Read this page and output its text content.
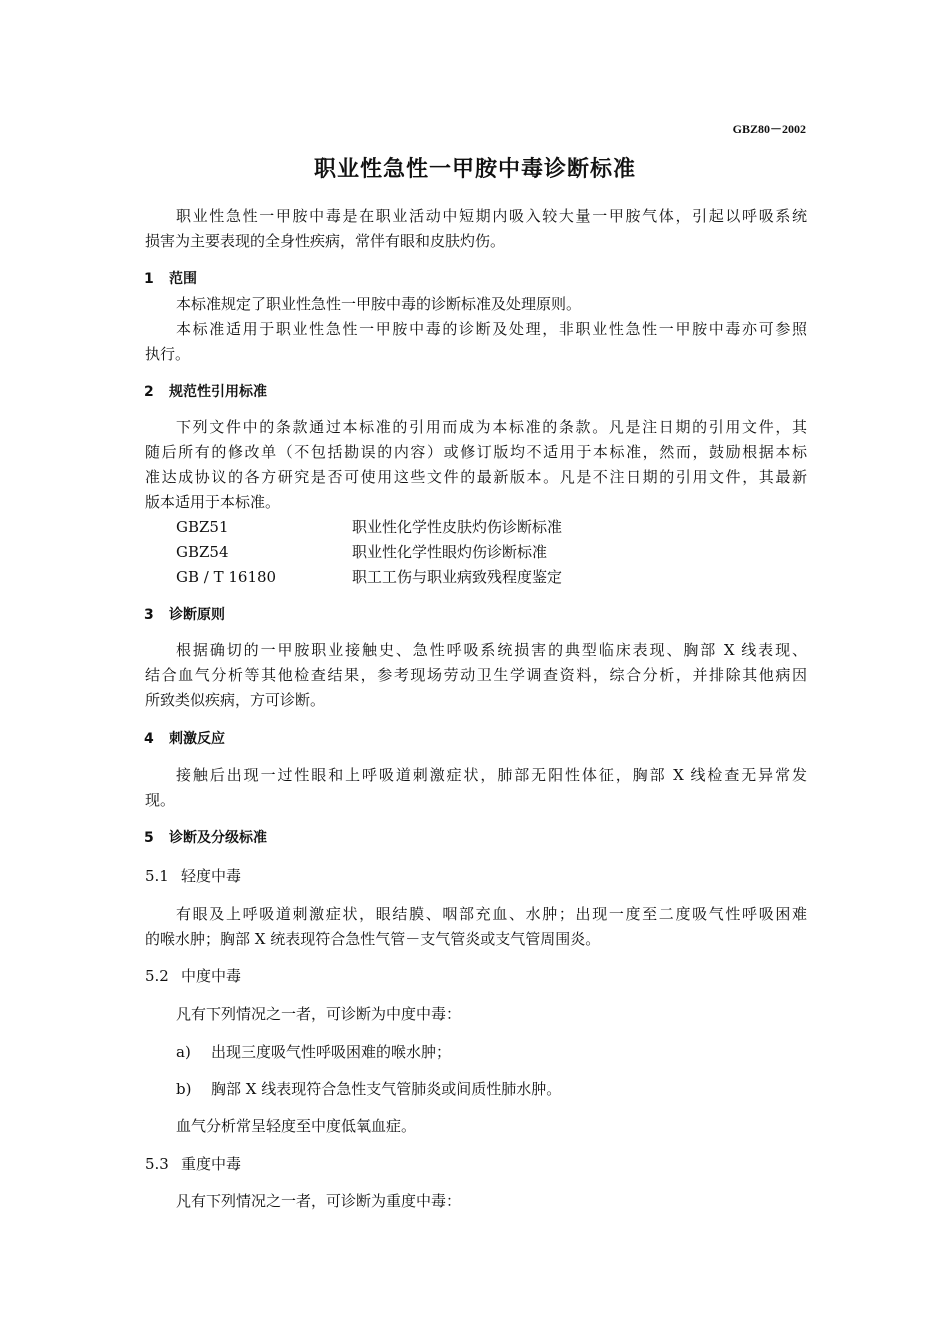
GBZ80－2002
职业性急性一甲胺中毒诊断标准
职业性急性一甲胺中毒是在职业活动中短期内吸入较大量一甲胺气体，引起以呼吸系统
损害为主要表现的全身性疾病，常伴有眼和皮肤灼伤。
1 范围
本标准规定了职业性急性一甲胺中毒的诊断标准及处理原则。
本标准适用于职业性急性一甲胺中毒的诊断及处理，非职业性急性一甲胺中毒亦可参照
执行。
2 规范性引用标准
下列文件中的条款通过本标准的引用而成为本标准的条款。凡是注日期的引用文件，其
随后所有的修改单（不包括勘误的内容）或修订版均不适用于本标准，然而，鼓励根据本标
准达成协议的各方研究是否可使用这些文件的最新版本。凡是不注日期的引用文件，其最新
版本适用于本标准。
GBZ51	职业性化学性皮肤灼伤诊断标准
GBZ54	职业性化学性眼灼伤诊断标准
GB / T 16180	职工工伤与职业病致残程度鉴定
3 诊断原则
根据确切的一甲胺职业接触史、急性呼吸系统损害的典型临床表现、胸部 X 线表现、
结合血气分析等其他检查结果，参考现场劳动卫生学调查资料，综合分析，并排除其他病因
所致类似疾病，方可诊断。
4 刺激反应
接触后出现一过性眼和上呼吸道刺激症状，肺部无阳性体征，胸部 X 线检查无异常发
现。
5 诊断及分级标准
5.1 轻度中毒
有眼及上呼吸道刺激症状，眼结膜、咽部充血、水肿；出现一度至二度吸气性呼吸困难
的喉水肿；胸部 X 统表现符合急性气管－支气管炎或支气管周围炎。
5.2 中度中毒
凡有下列情况之一者，可诊断为中度中毒：
a) 出现三度吸气性呼吸困难的喉水肿；
b) 胸部 X 线表现符合急性支气管肺炎或间质性肺水肿。
血气分析常呈轻度至中度低氧血症。
5.3 重度中毒
凡有下列情况之一者，可诊断为重度中毒：
